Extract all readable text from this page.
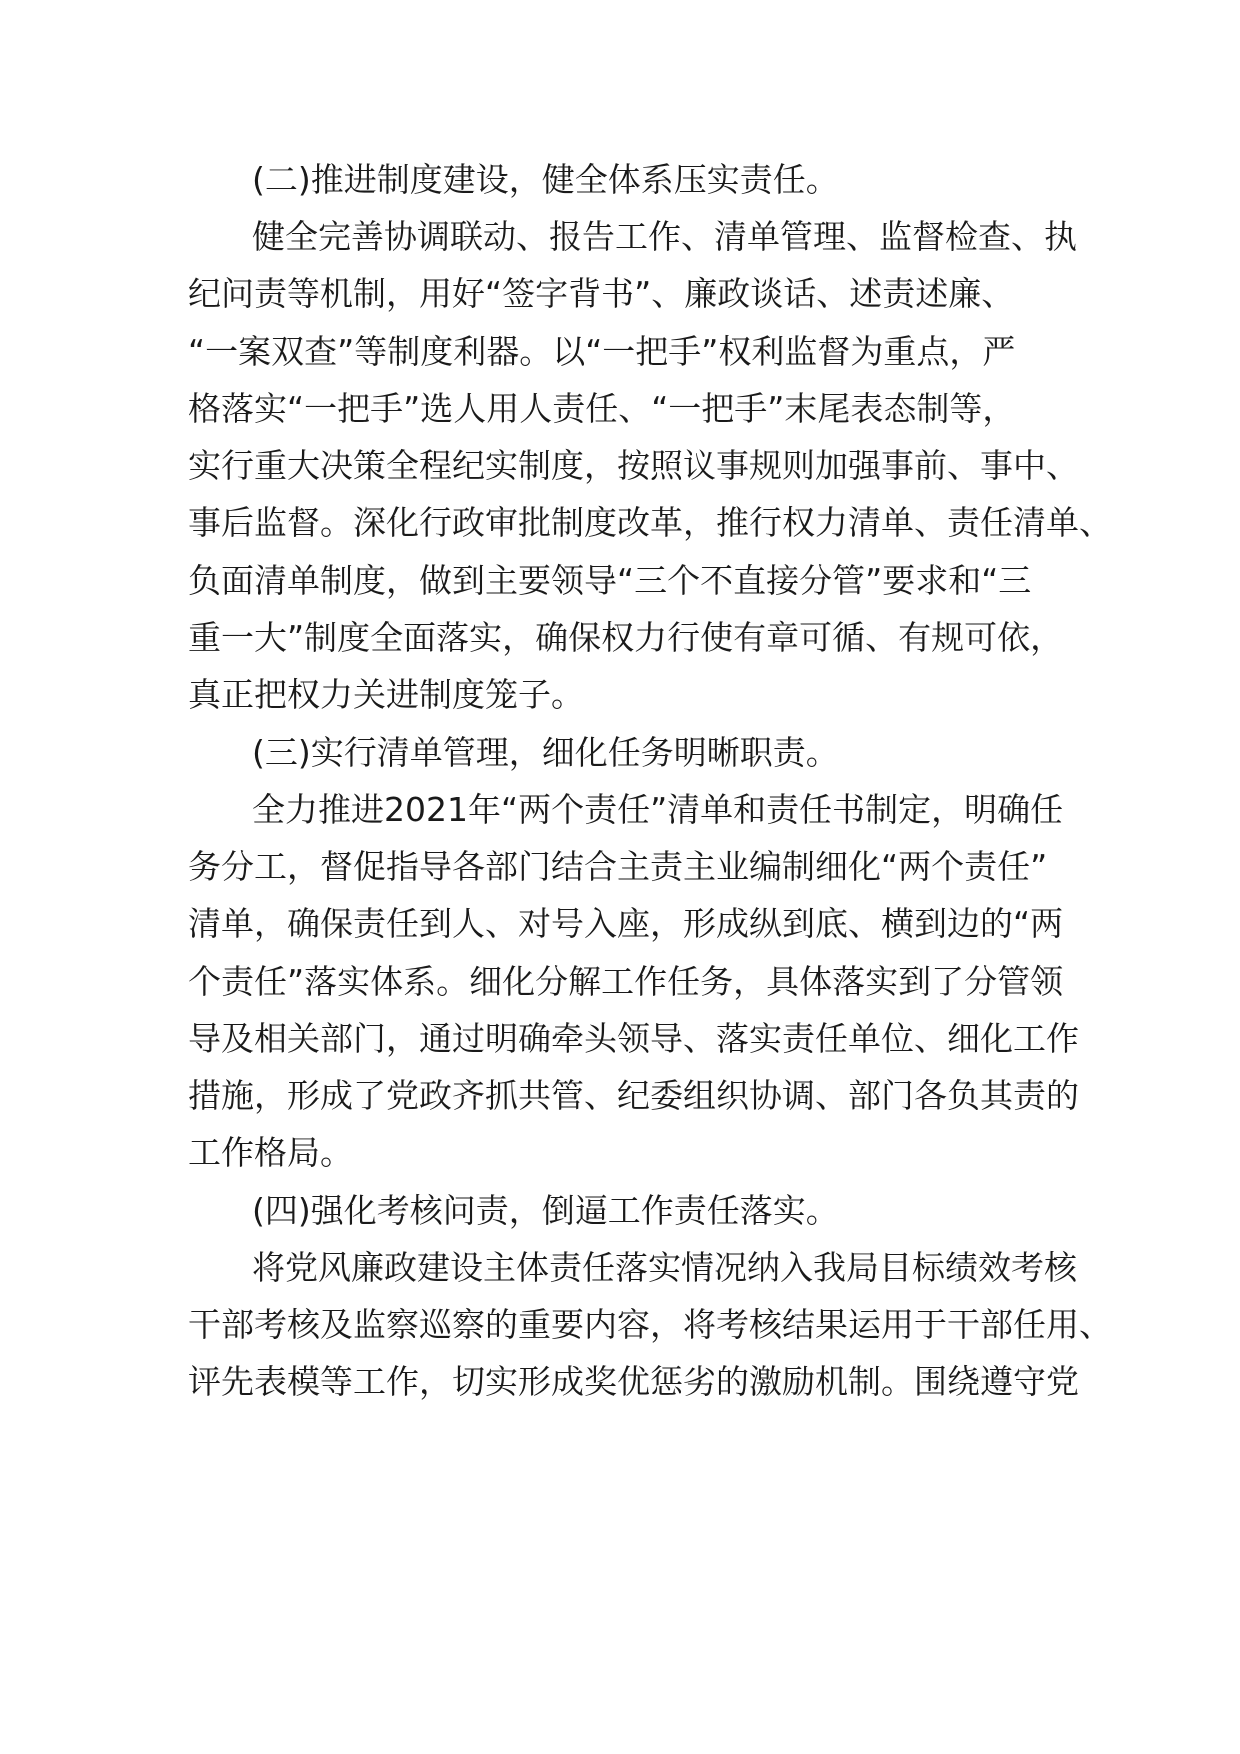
(二)推进制度建设，健全体系压实责任。
健全完善协调联动、报告工作、清单管理、监督检查、执
纪问责等机制，用好“签字背书”、廉政谈话、述责述廉、
“一案双查”等制度利器。以“一把手”权利监督为重点，严
格落实“一把手”选人用人责任、“一把手”末尾表态制等，
实行重大决策全程纪实制度，按照议事规则加强事前、事中、
事后监督。深化行政审批制度改革，推行权力清单、责任清单、
负面清单制度，做到主要领导“三个不直接分管”要求和“三
重一大”制度全面落实，确保权力行使有章可循、有规可依，
真正把权力关进制度笼子。
(三)实行清单管理，细化任务明晰职责。
全力推进2021年“两个责任”清单和责任书制定，明确任
务分工，督促指导各部门结合主责主业编制细化“两个责任”
清单，确保责任到人、对号入座，形成纵到底、横到边的“两
个责任”落实体系。细化分解工作任务，具体落实到了分管领
导及相关部门，通过明确牵头领导、落实责任单位、细化工作
措施，形成了党政齐抓共管、纪委组织协调、部门各负其责的
工作格局。
(四)强化考核问责，倒逼工作责任落实。
将党风廉政建设主体责任落实情况纳入我局目标绩效考核
干部考核及监察巡察的重要内容，将考核结果运用于干部任用、
评先表模等工作，切实形成奖优惩劣的激励机制。围绕遵守党
